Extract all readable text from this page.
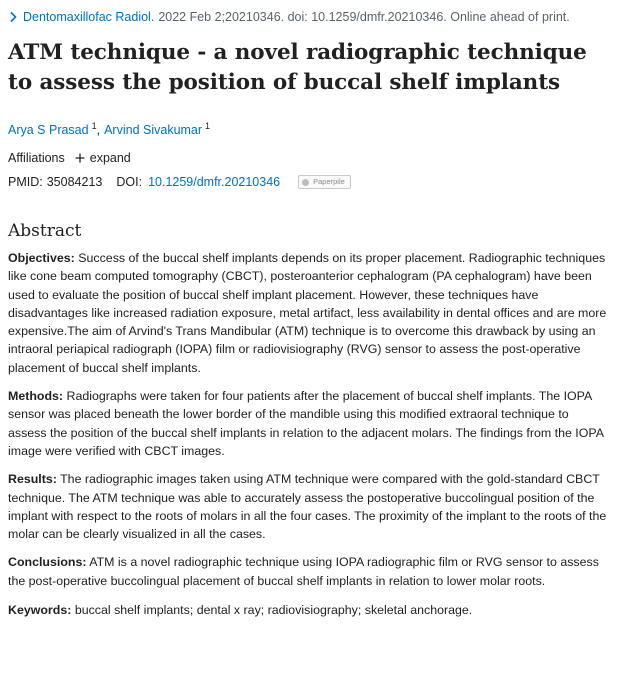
Dentomaxillofac Radiol. 2022 Feb 2;20210346. doi: 10.1259/dmfr.20210346. Online ahead of print.
ATM technique - a novel radiographic technique to assess the position of buccal shelf implants
Arya S Prasad $^1$, Arvind Sivakumar $^1$
Affiliations expand
PMID: 35084213 DOI: 10.1259/dmfr.20210346	Paperpile
Abstract

Objectives: Success of the buccal shelf implants depends on its proper placement. Radiographic techniques like cone beam computed tomography (CBCT), posteroanterior cephalogram (PA cephalogram) have been used to evaluate the position of buccal shelf implant placement. However, these techniques have disadvantages like increased radiation exposure, metal artifact, less availability in dental offices and are more expensive.The aim of Arvind's Trans Mandibular (ATM) technique is to overcome this drawback by using an intraoral periapical radiograph (IOPA) film or radiovisiography (RVG) sensor to assess the post-operative placement of buccal shelf implants.

Methods: Radiographs were taken for four patients after the placement of buccal shelf implants. The IOPA sensor was placed beneath the lower border of the mandible using this modified extraoral technique to assess the position of the buccal shelf implants in relation to the adjacent molars. The findings from the IOPA image were verified with CBCT images.

Results: The radiographic images taken using ATM technique were compared with the gold-standard CBCT technique. The ATM technique was able to accurately assess the postoperative buccolingual position of the implant with respect to the roots of molars in all the four cases. The proximity of the implant to the roots of the molar can be clearly visualized in all the cases.

Conclusions: ATM is a novel radiographic technique using IOPA radiographic film or RVG sensor to assess the post-operative buccolingual placement of buccal shelf implants in relation to lower molar roots.

Keywords: buccal shelf implants; dental x ray; radiovisiography; skeletal anchorage.
